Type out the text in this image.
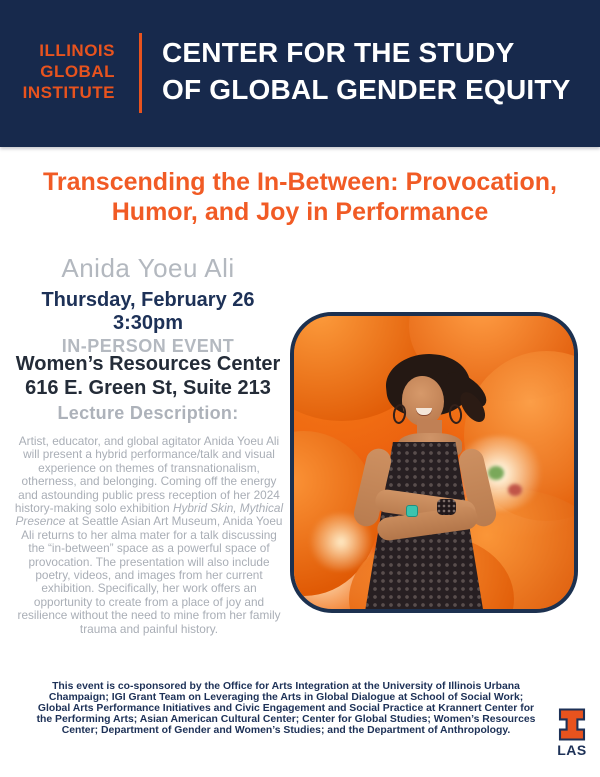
ILLINOIS
GLOBAL
INSTITUTE
CENTER FOR THE STUDY
OF GLOBAL GENDER EQUITY
Transcending the In-Between: Provocation, Humor, and Joy in Performance

Anida Yoeu Ali

Thursday, February 26

3:30pm

IN-PERSON EVENT

Women’s Resources Center

616 E. Green St, Suite 213

Lecture Description:

Artist, educator, and global agitator Anida Yoeu Ali will present a hybrid performance/talk and visual experience on themes of transnationalism, otherness, and belonging. Coming off the energy and astounding public press reception of her 2024 history-making solo exhibition Hybrid Skin, Mythical Presence at Seattle Asian Art Museum, Anida Yoeu Ali returns to her alma mater for a talk discussing the “in-between” space as a powerful space of provocation. The presentation will also include poetry, videos, and images from her current exhibition. Specifically, her work offers an opportunity to create from a place of joy and resilience without the need to mine from her family trauma and painful history.

This event is co-sponsored by the Office for Arts Integration at the University of Illinois Urbana Champaign; IGI Grant Team on Leveraging the Arts in Global Dialogue at School of Social Work; Global Arts Performance Initiatives and Civic Engagement and Social Practice at Krannert Center for the Performing Arts; Asian American Cultural Center; Center for Global Studies; Women’s Resources Center; Department of Gender and Women’s Studies; and the Department of Anthropology.

LAS
